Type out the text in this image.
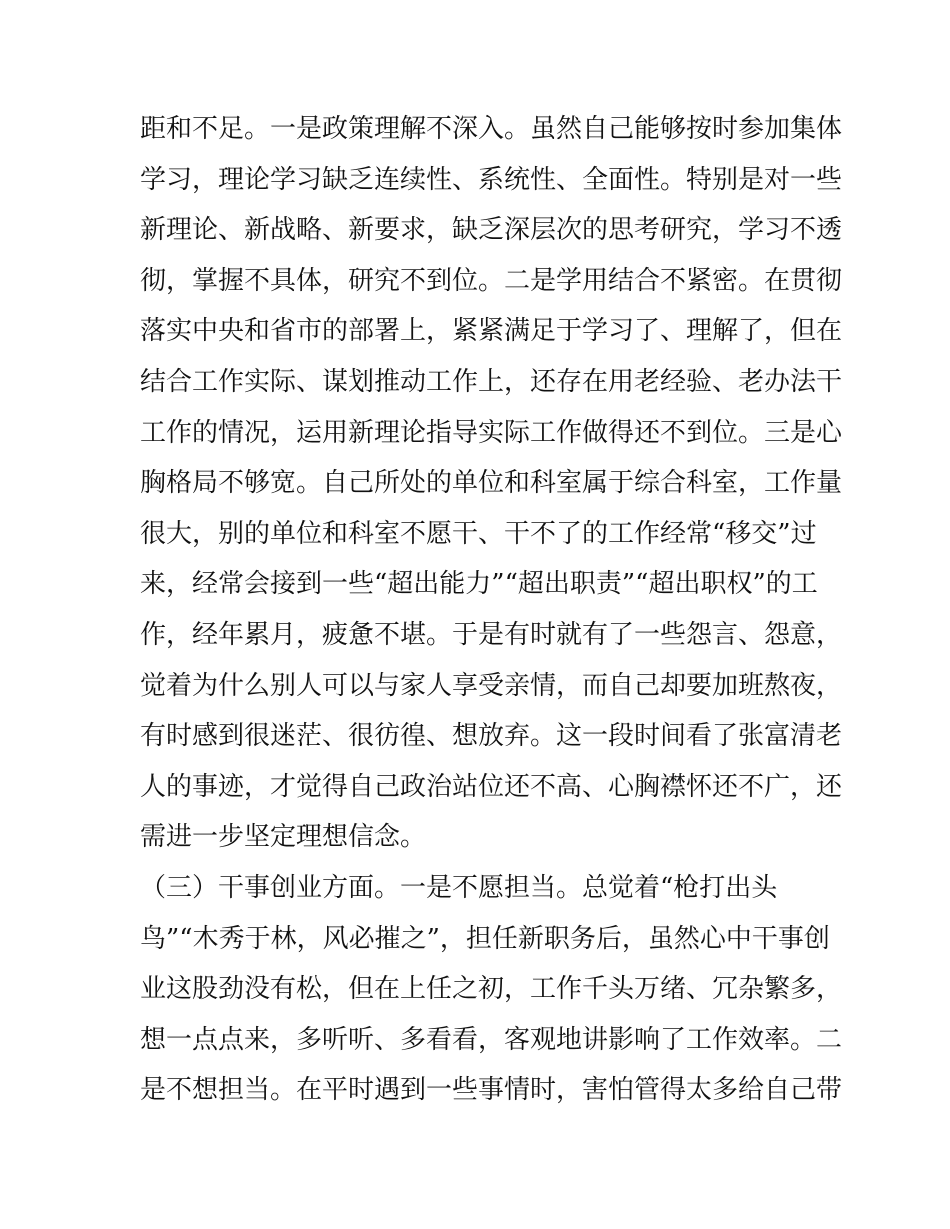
距和不足。一是政策理解不深入。虽然自己能够按时参加集体
学习，理论学习缺乏连续性、系统性、全面性。特别是对一些
新理论、新战略、新要求，缺乏深层次的思考研究，学习不透
彻，掌握不具体，研究不到位。二是学用结合不紧密。在贯彻
落实中央和省市的部署上，紧紧满足于学习了、理解了，但在
结合工作实际、谋划推动工作上，还存在用老经验、老办法干
工作的情况，运用新理论指导实际工作做得还不到位。三是心
胸格局不够宽。自己所处的单位和科室属于综合科室，工作量
很大，别的单位和科室不愿干、干不了的工作经常“移交”过
来，经常会接到一些“超出能力”“超出职责”“超出职权”的工
作，经年累月，疲惫不堪。于是有时就有了一些怨言、怨意，
觉着为什么别人可以与家人享受亲情，而自己却要加班熬夜，
有时感到很迷茫、很彷徨、想放弃。这一段时间看了张富清老
人的事迹，才觉得自己政治站位还不高、心胸襟怀还不广，还
需进一步坚定理想信念。
（三）干事创业方面。一是不愿担当。总觉着“枪打出头
鸟”“木秀于林，风必摧之”，担任新职务后，虽然心中干事创
业这股劲没有松，但在上任之初，工作千头万绪、冗杂繁多，
想一点点来，多听听、多看看，客观地讲影响了工作效率。二
是不想担当。在平时遇到一些事情时，害怕管得太多给自己带
